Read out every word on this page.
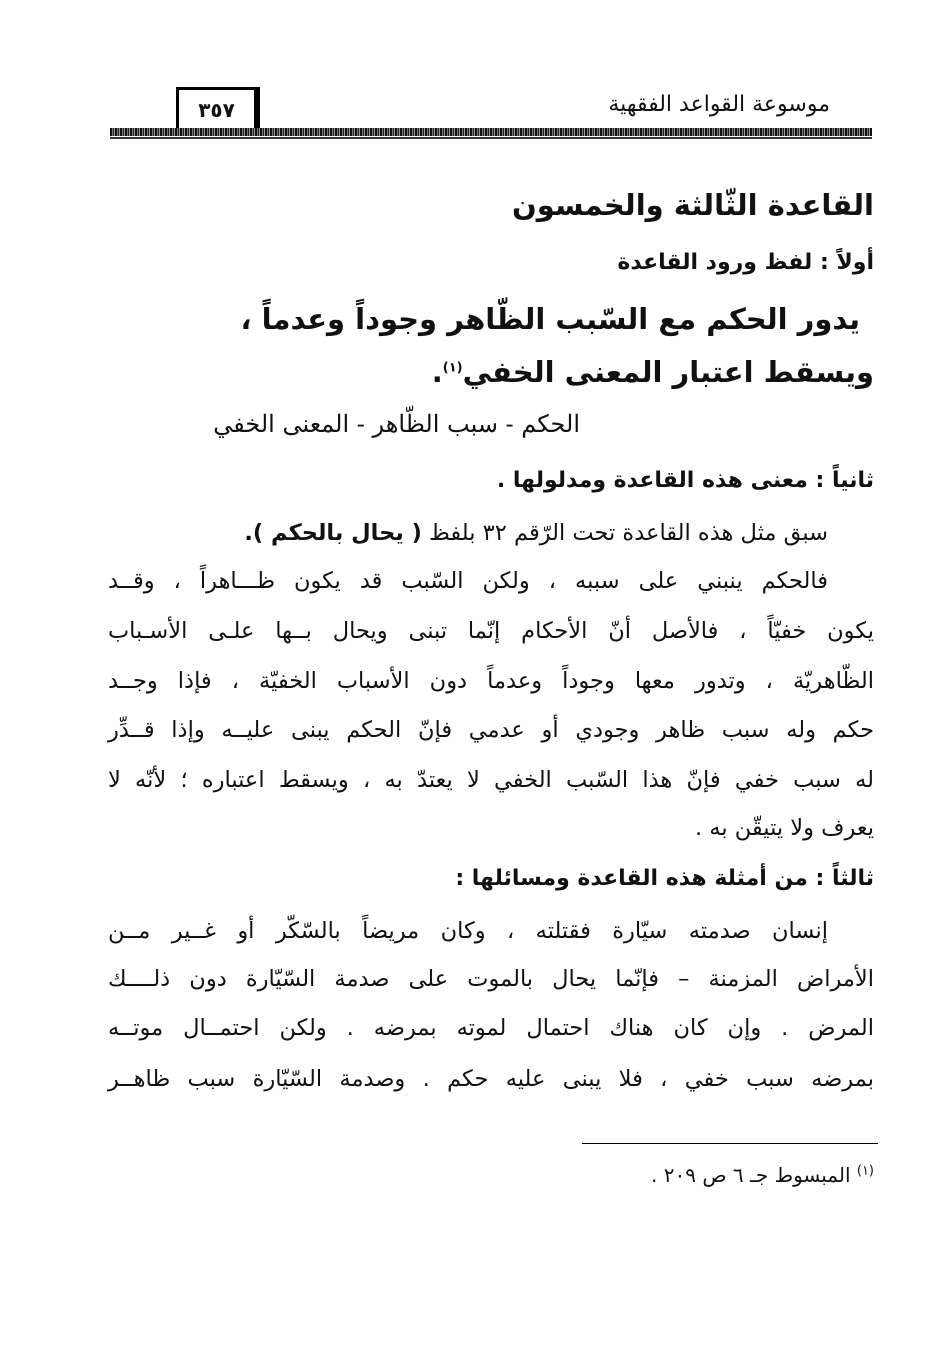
موسوعة القواعد الفقهية
٣٥٧
القاعدة الثّالثة والخمسون
أولاً : لفظ ورود القاعدة
يدور الحكم مع السّبب الظّاهر وجوداً وعدماً ،
ويسقط اعتبار المعنى الخفي$^{(١)}$.
الحكم - سبب الظّاهر - المعنى الخفي
ثانياً : معنى هذه القاعدة ومدلولها .
سبق مثل هذه القاعدة تحت الرّقم ٣٢ بلفظ ( يحال بالحكم ).
فالحكم ينبني على سببه ، ولكن السّبب قد يكون ظـــاهراً ، وقــد
يكون خفيّاً ، فالأصل أنّ الأحكام إنّما تبنى ويحال بــها علـى الأسـباب
الظّاهريّة ، وتدور معها وجوداً وعدماً دون الأسباب الخفيّة ، فإذا وجــد
حكم وله سبب ظاهر وجودي أو عدمي فإنّ الحكم يبنى عليــه وإذا قــدِّر
له سبب خفي فإنّ هذا السّبب الخفي لا يعتدّ به ، ويسقط اعتباره ؛ لأنّه لا
يعرف ولا يتيقّن به .
ثالثاً : من أمثلة هذه القاعدة ومسائلها :
إنسان صدمته سيّارة فقتلته ، وكان مريضاً بالسّكّر أو غــير مــن
الأمراض المزمنة – فإنّما يحال بالموت على صدمة السّيّارة دون ذلــــك
المرض . وإن كان هناك احتمال لموته بمرضه . ولكن احتمــال موتــه
بمرضه سبب خفي ، فلا يبنى عليه حكم . وصدمة السّيّارة سبب ظاهــر
$^{(١)}$ المبسوط جـ ٦ ص ٢٠٩ .
